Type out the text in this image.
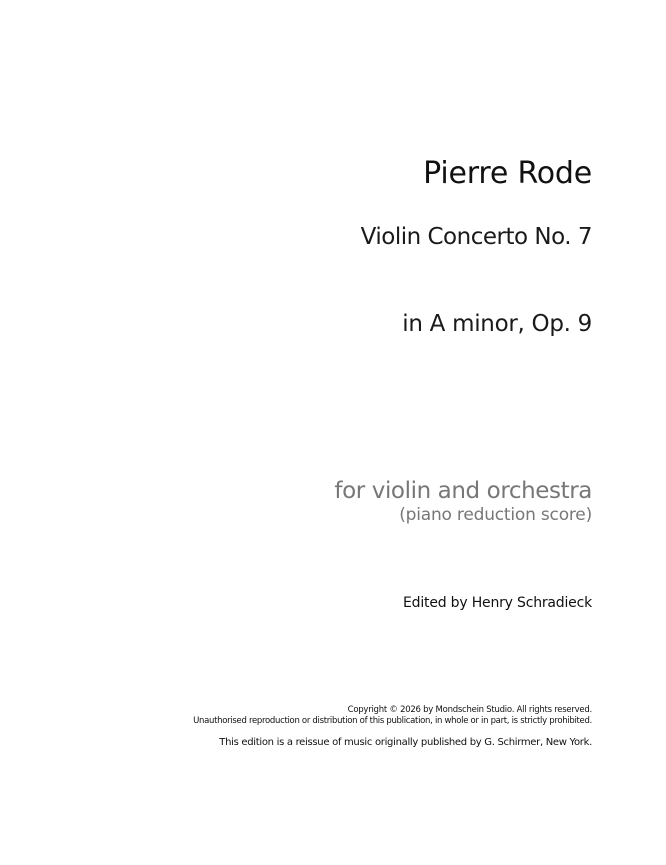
Pierre Rode

Violin Concerto No. 7

in A minor, Op. 9

for violin and orchestra

(piano reduction score)

Edited by Henry Schradieck

Copyright © 2026 by Mondschein Studio. All rights reserved.

Unauthorised reproduction or distribution of this publication, in whole or in part, is strictly prohibited.

This edition is a reissue of music originally published by G. Schirmer, New York.
